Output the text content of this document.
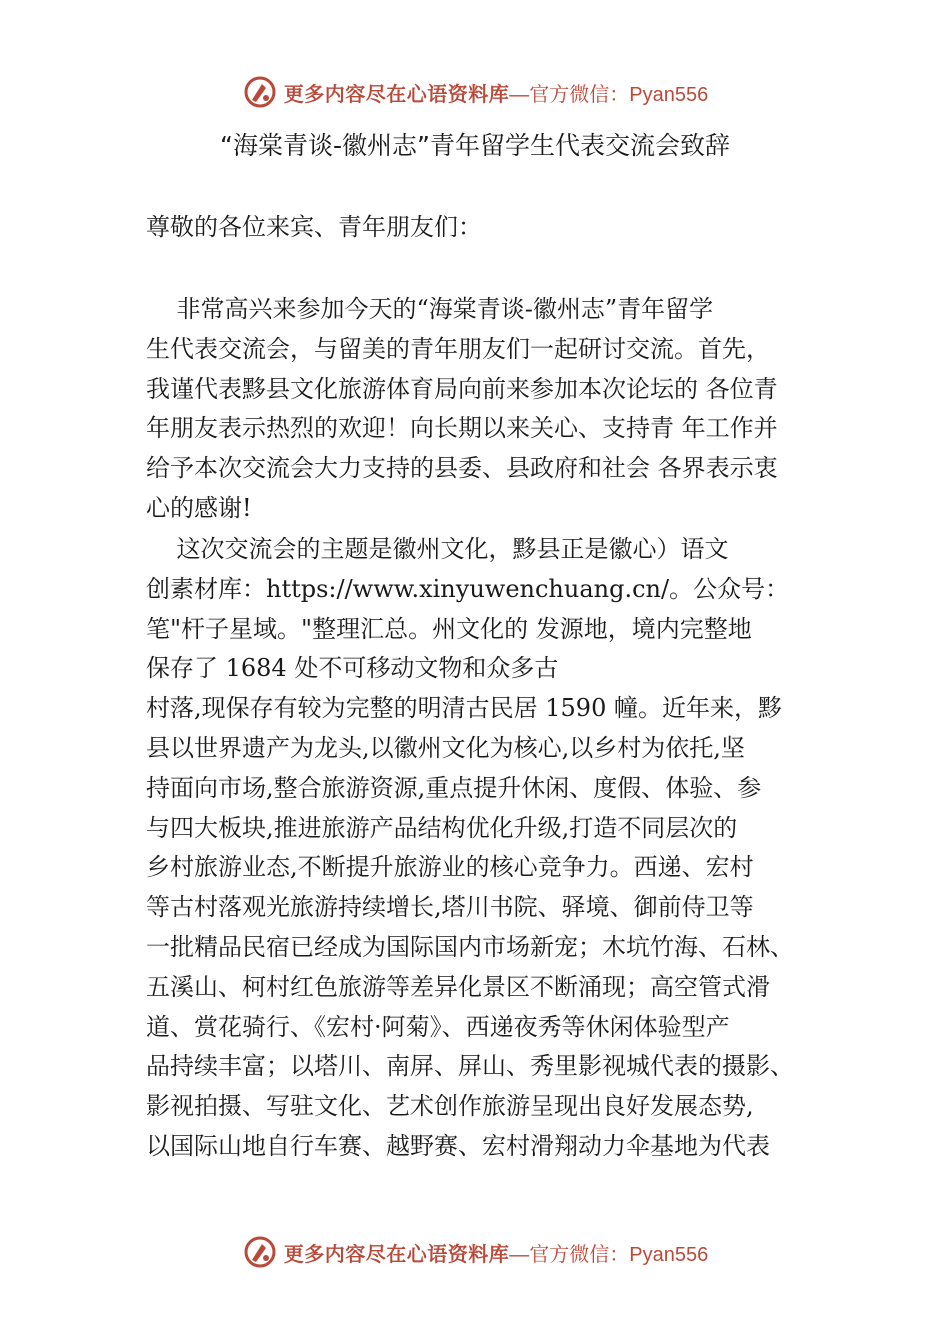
更多内容尽在心语资料库 —官方微信：Pyan556
“海棠青谈-徽州志”青年留学生代表交流会致辞
尊敬的各位来宾、青年朋友们：
非常高兴来参加今天的“海棠青谈-徽州志”青年留学
生代表交流会，与留美的青年朋友们一起研讨交流。首先，
我谨代表黟县文化旅游体育局向前来参加本次论坛的 各位青
年朋友表示热烈的欢迎！向长期以来关心、支持青 年工作并
给予本次交流会大力支持的县委、县政府和社会 各界表示衷
心的感谢!
这次交流会的主题是徽州文化，黟县正是徽心）语文
创素材库：https://www.xinyuwenchuang.cn/。公众号：
笔"杆子星域。"整理汇总。州文化的 发源地，境内完整地
保存了 1684 处不可移动文物和众多古
村落,现保存有较为完整的明清古民居 1590 幢。近年来，黟
县以世界遗产为龙头,以徽州文化为核心,以乡村为依托,坚
持面向市场,整合旅游资源,重点提升休闲、度假、体验、参
与四大板块,推进旅游产品结构优化升级,打造不同层次的
乡村旅游业态,不断提升旅游业的核心竞争力。西递、宏村
等古村落观光旅游持续增长,塔川书院、驿境、御前侍卫等
一批精品民宿已经成为国际国内市场新宠；木坑竹海、石林、
五溪山、柯村红色旅游等差异化景区不断涌现；高空管式滑
道、赏花骑行、《宏村·阿菊》、西递夜秀等休闲体验型产
品持续丰富；以塔川、南屏、屏山、秀里影视城代表的摄影、
影视拍摄、写驻文化、艺术创作旅游呈现出良好发展态势,
以国际山地自行车赛、越野赛、宏村滑翔动力伞基地为代表
更多内容尽在心语资料库 —官方微信：Pyan556
